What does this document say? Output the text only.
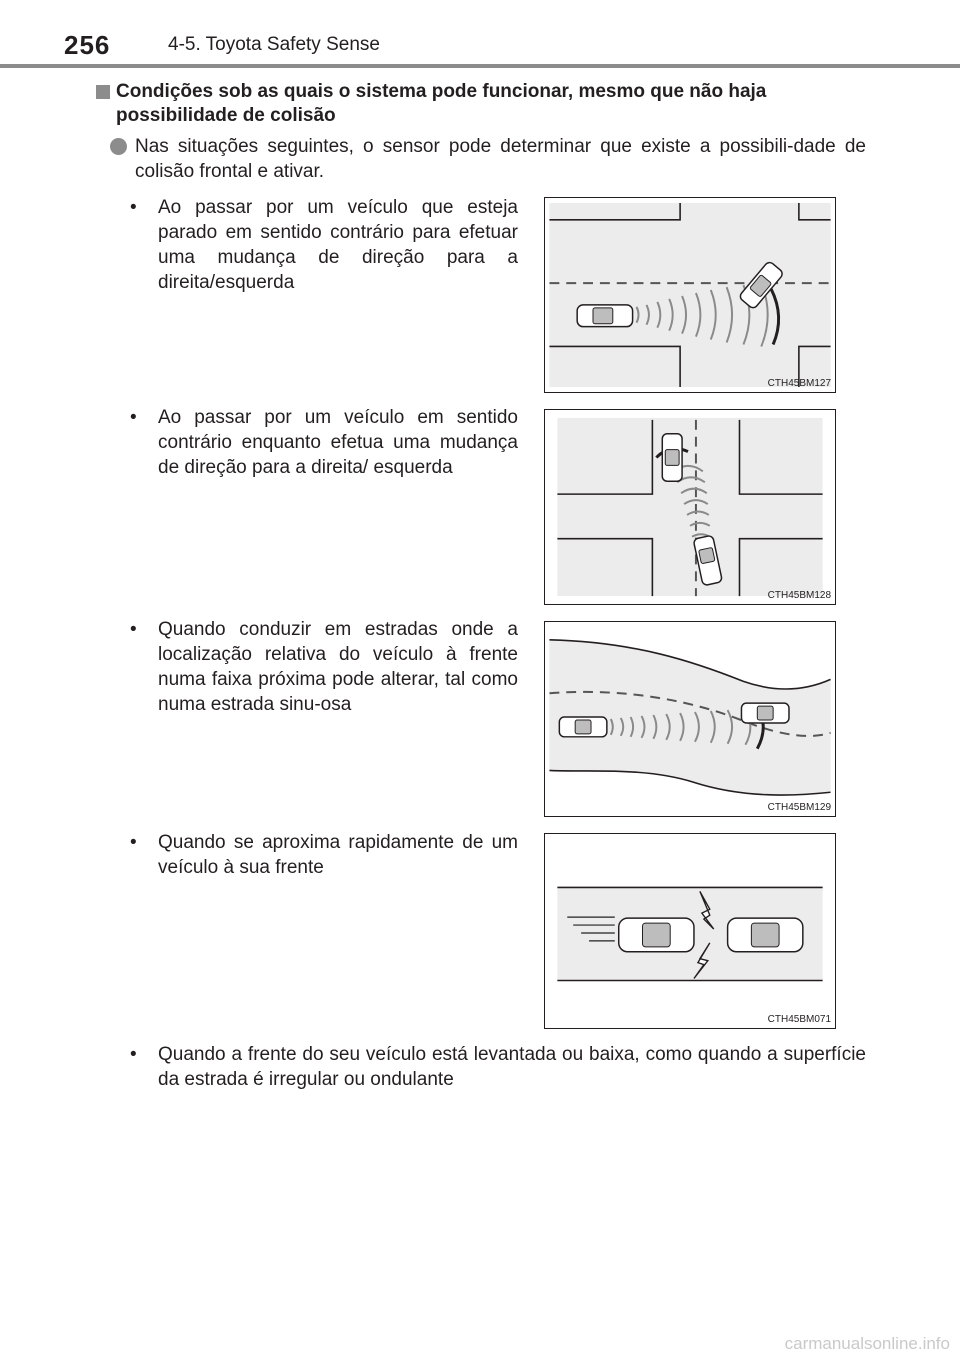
256	4-5. Toyota Safety Sense
Condições sob as quais o sistema pode funcionar, mesmo que não haja possibilidade de colisão
Nas situações seguintes, o sensor pode determinar que existe a possibili-dade de colisão frontal e ativar.
•	Ao passar por um veículo que esteja parado em sentido contrário para efetuar uma mudança de direção para a direita/esquerda
CTH45BM127
•	Ao passar por um veículo em sentido contrário enquanto efetua uma mudança de direção para a direita/ esquerda
CTH45BM128
•	Quando conduzir em estradas onde a localização relativa do veículo à frente numa faixa próxima pode alterar, tal como numa estrada sinu-osa
CTH45BM129
•	Quando se aproxima rapidamente de um veículo à sua frente
CTH45BM071
•	Quando a frente do seu veículo está levantada ou baixa, como quando a superfície da estrada é irregular ou ondulante
carmanualsonline.info
